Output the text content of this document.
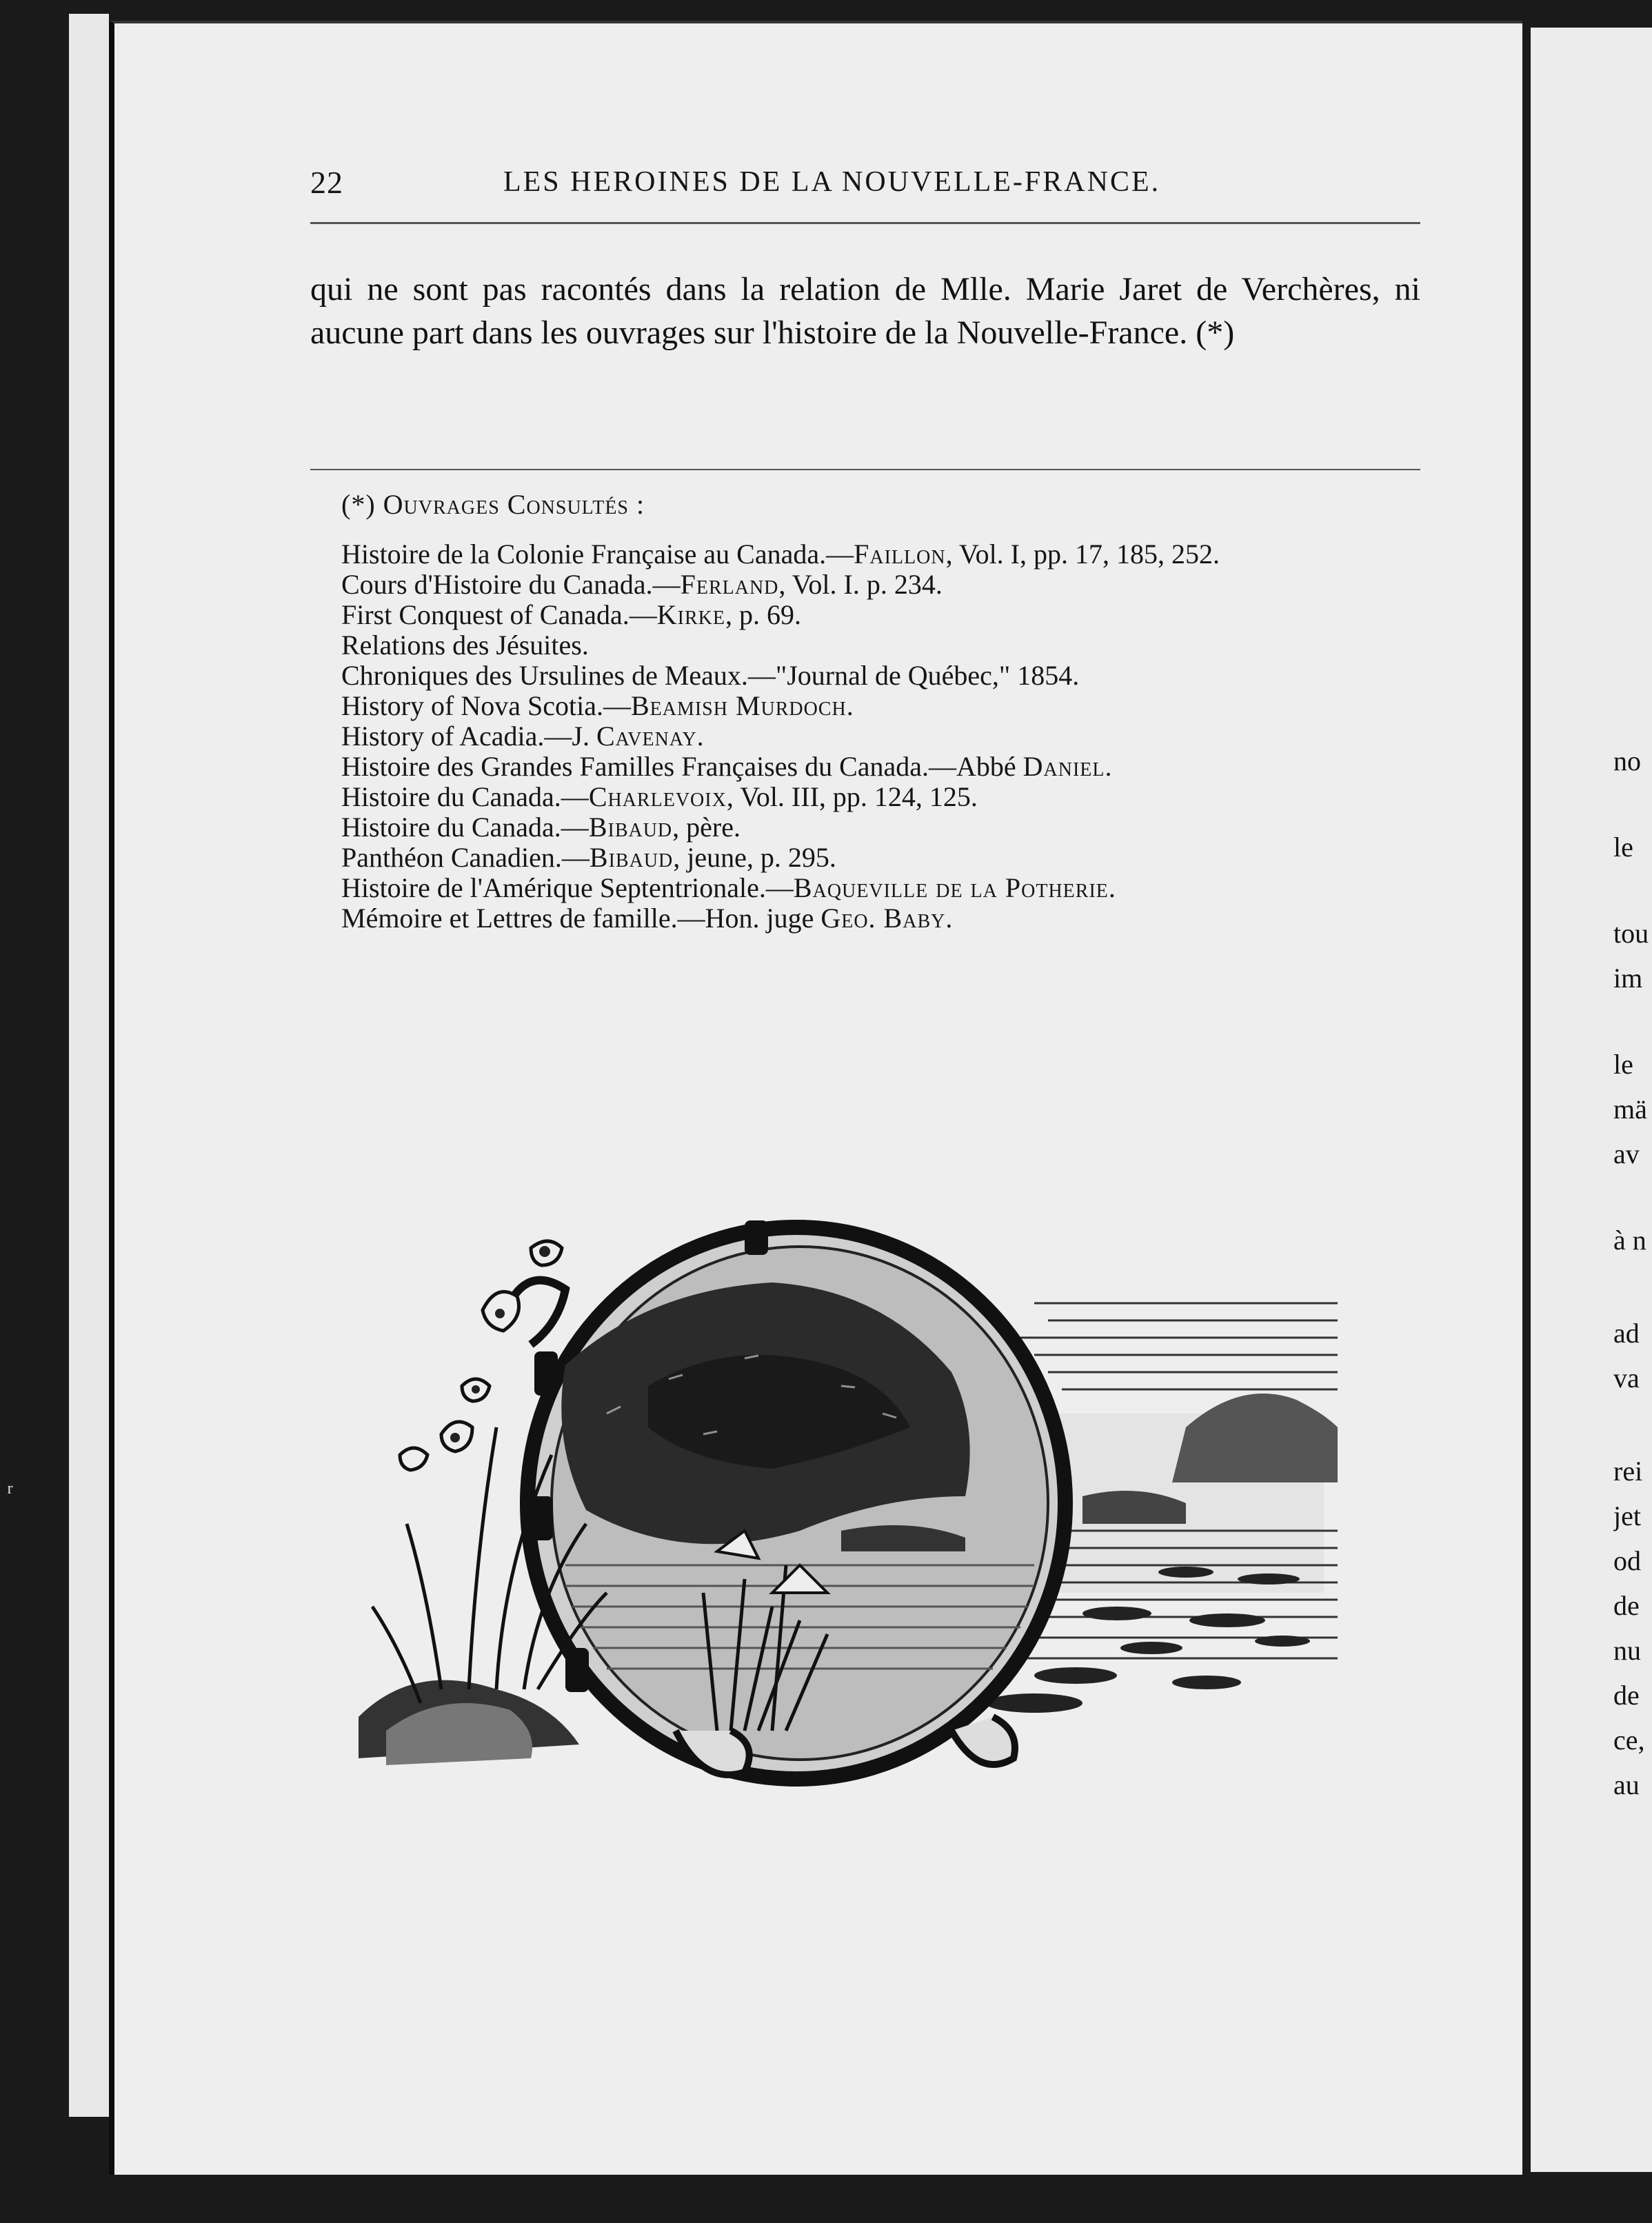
ʳ
22	LES HEROINES DE LA NOUVELLE-FRANCE.

qui ne sont pas racontés dans la relation de Mlle. Marie Jaret de Verchères, ni aucune part dans les ouvrages sur l'histoire de la Nouvelle-France. (*)

(*) Ouvrages Consultés :
Histoire de la Colonie Française au Canada.—Faillon, Vol. I, pp. 17, 185, 252.
Cours d'Histoire du Canada.—Ferland, Vol. I. p. 234.
First Conquest of Canada.—Kirke, p. 69.
Relations des Jésuites.
Chroniques des Ursulines de Meaux.—"Journal de Québec," 1854.
History of Nova Scotia.—Beamish Murdoch.
History of Acadia.—J. Cavenay.
Histoire des Grandes Familles Françaises du Canada.—Abbé Daniel.
Histoire du Canada.—Charlevoix, Vol. III, pp. 124, 125.
Histoire du Canada.—Bibaud, père.
Panthéon Canadien.—Bibaud, jeune, p. 295.
Histoire de l'Amérique Septentrionale.—Baqueville de la Potherie.
Mémoire et Lettres de famille.—Hon. juge Geo. Baby.
no
le
tou
im
le
mä
av
à n
ad
va
rei
jet
od
de
nu
de
ce,
au
